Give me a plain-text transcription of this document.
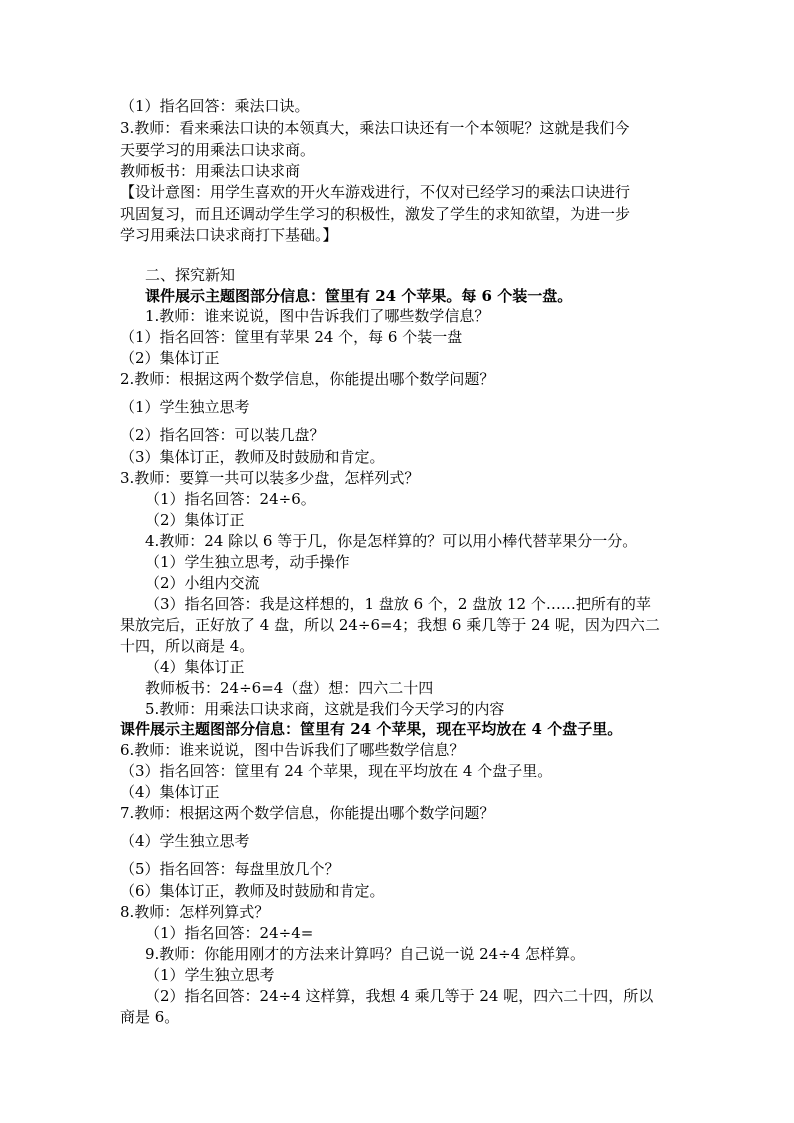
（1）指名回答：乘法口诀。
3.教师：看来乘法口诀的本领真大，乘法口诀还有一个本领呢？这就是我们今
天要学习的用乘法口诀求商。
教师板书：用乘法口诀求商
【设计意图：用学生喜欢的开火车游戏进行，不仅对已经学习的乘法口诀进行
巩固复习，而且还调动学生学习的积极性，激发了学生的求知欲望，为进一步
学习用乘法口诀求商打下基础。】
二、探究新知
课件展示主题图部分信息：筐里有 24 个苹果。每 6 个装一盘。
1.教师：谁来说说，图中告诉我们了哪些数学信息？
（1）指名回答：筐里有苹果 24 个，每 6 个装一盘
（2）集体订正
2.教师：根据这两个数学信息，你能提出哪个数学问题？
（1）学生独立思考
（2）指名回答：可以装几盘？
（3）集体订正，教师及时鼓励和肯定。
3.教师：要算一共可以装多少盘，怎样列式？
（1）指名回答：24÷6。
（2）集体订正
4.教师：24 除以 6 等于几，你是怎样算的？可以用小棒代替苹果分一分。
（1）学生独立思考，动手操作
（2）小组内交流
（3）指名回答：我是这样想的，1 盘放 6 个，2 盘放 12 个……把所有的苹
果放完后，正好放了 4 盘，所以 24÷6=4；我想 6 乘几等于 24 呢，因为四六二
十四，所以商是 4。
（4）集体订正
教师板书：24÷6=4（盘）想：四六二十四
5.教师：用乘法口诀求商，这就是我们今天学习的内容
课件展示主题图部分信息：筐里有 24 个苹果，现在平均放在 4 个盘子里。
6.教师：谁来说说，图中告诉我们了哪些数学信息？
（3）指名回答：筐里有 24 个苹果，现在平均放在 4 个盘子里。
（4）集体订正
7.教师：根据这两个数学信息，你能提出哪个数学问题？
（4）学生独立思考
（5）指名回答：每盘里放几个？
（6）集体订正，教师及时鼓励和肯定。
8.教师：怎样列算式？
（1）指名回答：24÷4=
9.教师：你能用刚才的方法来计算吗？自己说一说 24÷4 怎样算。
（1）学生独立思考
（2）指名回答：24÷4 这样算，我想 4 乘几等于 24 呢，四六二十四，所以
商是 6。
